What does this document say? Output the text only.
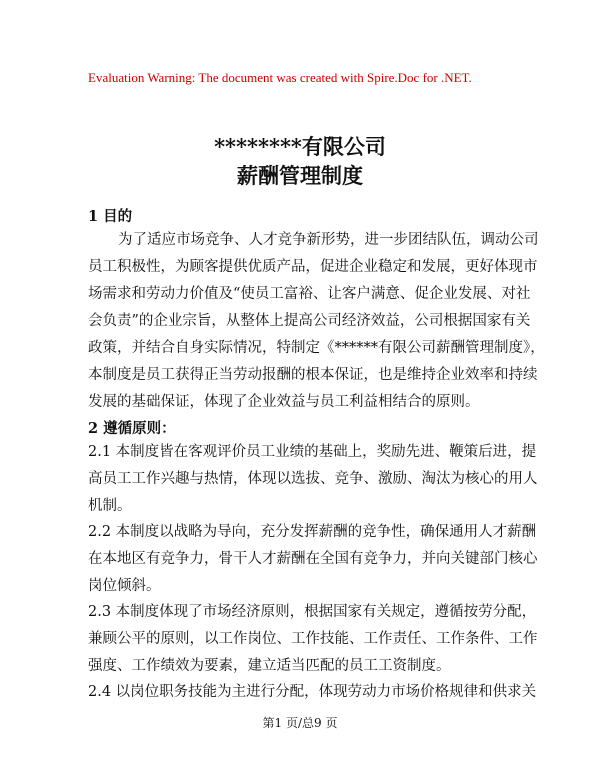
Evaluation Warning: The document was created with Spire.Doc for .NET.
********有限公司
薪酬管理制度
1 目的
为了适应市场竞争、人才竞争新形势，进一步团结队伍，调动公司
员工积极性，为顾客提供优质产品，促进企业稳定和发展，更好体现市
场需求和劳动力价值及“使员工富裕、让客户满意、促企业发展、对社
会负责”的企业宗旨，从整体上提高公司经济效益，公司根据国家有关
政策，并结合自身实际情况，特制定《******有限公司薪酬管理制度》，
本制度是员工获得正当劳动报酬的根本保证，也是维持企业效率和持续
发展的基础保证，体现了企业效益与员工利益相结合的原则。
2 遵循原则：
2.1 本制度皆在客观评价员工业绩的基础上，奖励先进、鞭策后进，提
高员工工作兴趣与热情，体现以选拔、竞争、激励、淘汰为核心的用人
机制。
2.2 本制度以战略为导向，充分发挥薪酬的竞争性，确保通用人才薪酬
在本地区有竞争力，骨干人才薪酬在全国有竞争力，并向关键部门核心
岗位倾斜。
2.3 本制度体现了市场经济原则，根据国家有关规定，遵循按劳分配，
兼顾公平的原则，以工作岗位、工作技能、工作责任、工作条件、工作
强度、工作绩效为要素，建立适当匹配的员工工资制度。
2.4 以岗位职务技能为主进行分配，体现劳动力市场价格规律和供求关
第1 页/总9 页
